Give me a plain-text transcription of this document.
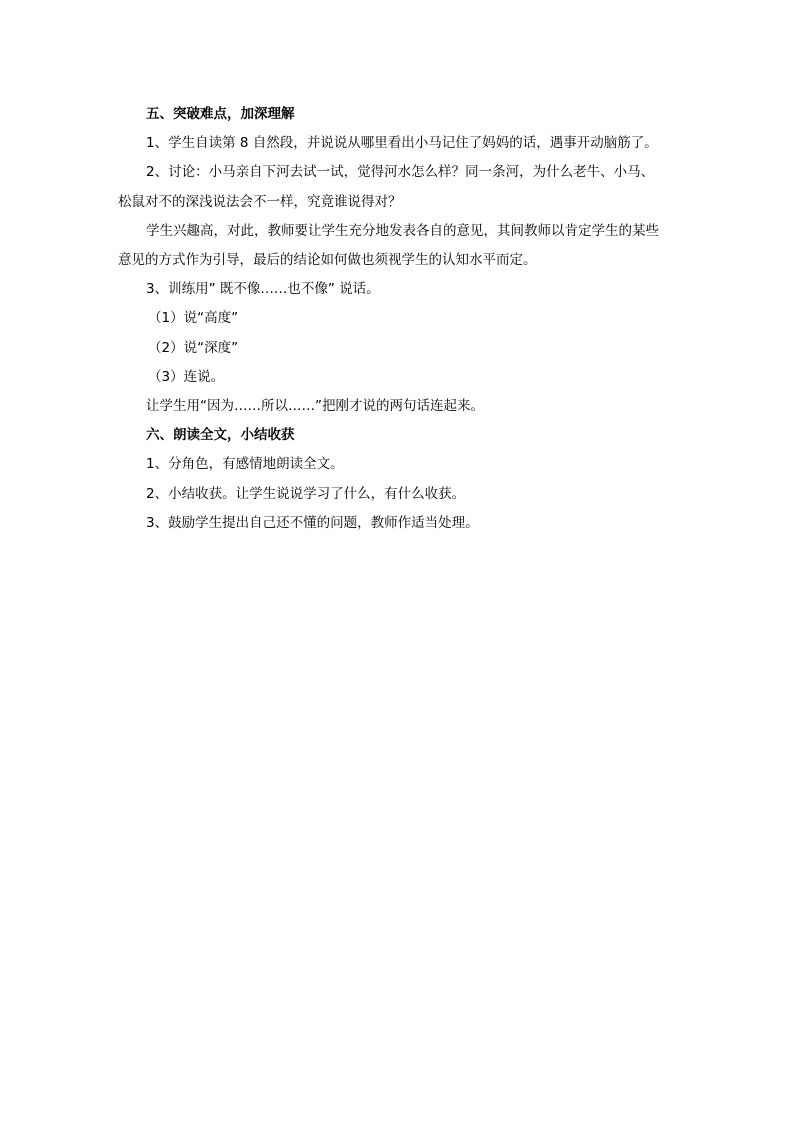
五、突破难点，加深理解

1、学生自读第 8 自然段，并说说从哪里看出小马记住了妈妈的话，遇事开动脑筋了。

2、讨论：小马亲自下河去试一试，觉得河水怎么样？同一条河，为什么老牛、小马、

松鼠对不的深浅说法会不一样，究竟谁说得对？

学生兴趣高，对此，教师要让学生充分地发表各自的意见，其间教师以肯定学生的某些

意见的方式作为引导，最后的结论如何做也须视学生的认知水平而定。

3、训练用” 既不像……也不像” 说话。

（1）说“高度”

（2）说“深度”

（3）连说。

让学生用“因为……所以……”把刚才说的两句话连起来。

六、朗读全文，小结收获

1、分角色，有感情地朗读全文。

2、小结收获。让学生说说学习了什么，有什么收获。

3、鼓励学生提出自己还不懂的问题，教师作适当处理。
